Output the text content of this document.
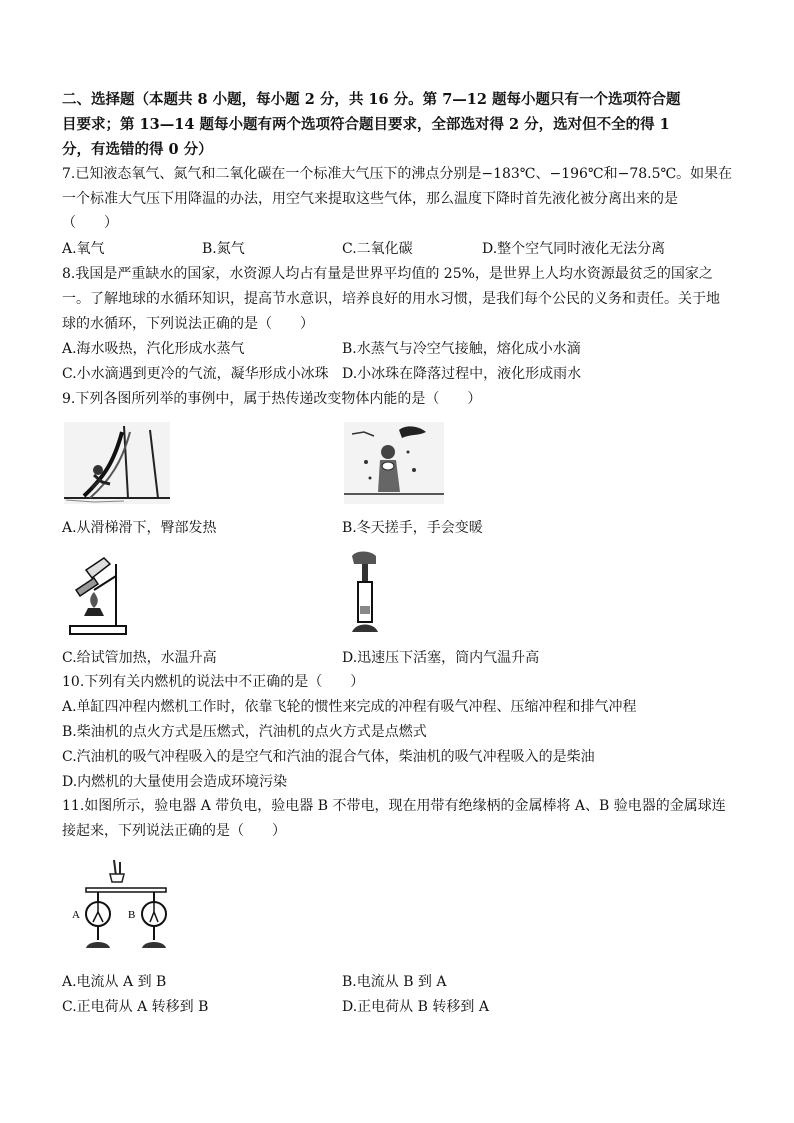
二、选择题（本题共 8 小题，每小题 2 分，共 16 分。第 7—12 题每小题只有一个选项符合题
目要求；第 13—14 题每小题有两个选项符合题目要求，全部选对得 2 分，选对但不全的得 1
分，有选错的得 0 分）
7.已知液态氧气、氮气和二氧化碳在一个标准大气压下的沸点分别是−183℃、−196℃和−78.5℃。如果在
一个标准大气压下用降温的办法，用空气来提取这些气体，那么温度下降时首先液化被分离出来的是
（　　）
A.氧气	B.氮气	C.二氧化碳	D.整个空气同时液化无法分离
8.我国是严重缺水的国家，水资源人均占有量是世界平均值的 25%，是世界上人均水资源最贫乏的国家之
一。了解地球的水循环知识，提高节水意识，培养良好的用水习惯，是我们每个公民的义务和责任。关于地
球的水循环，下列说法正确的是（　　）
A.海水吸热，汽化形成水蒸气	B.水蒸气与冷空气接触，熔化成小水滴
C.小水滴遇到更冷的气流，凝华形成小冰珠 D.小冰珠在降落过程中，液化形成雨水
9.下列各图所列举的事例中，属于热传递改变物体内能的是（　　）
A.从滑梯滑下，臀部发热	B.冬天搓手，手会变暖
C.给试管加热，水温升高	D.迅速压下活塞，筒内气温升高
10.下列有关内燃机的说法中不正确的是（　　）
A.单缸四冲程内燃机工作时，依靠飞轮的惯性来完成的冲程有吸气冲程、压缩冲程和排气冲程
B.柴油机的点火方式是压燃式，汽油机的点火方式是点燃式
C.汽油机的吸气冲程吸入的是空气和汽油的混合气体，柴油机的吸气冲程吸入的是柴油
D.内燃机的大量使用会造成环境污染
11.如图所示，验电器 A 带负电，验电器 B 不带电，现在用带有绝缘柄的金属棒将 A、B 验电器的金属球连
接起来，下列说法正确的是（　　）
A	B
A.电流从 A 到 B	B.电流从 B 到 A
C.正电荷从 A 转移到 B	D.正电荷从 B 转移到 A
